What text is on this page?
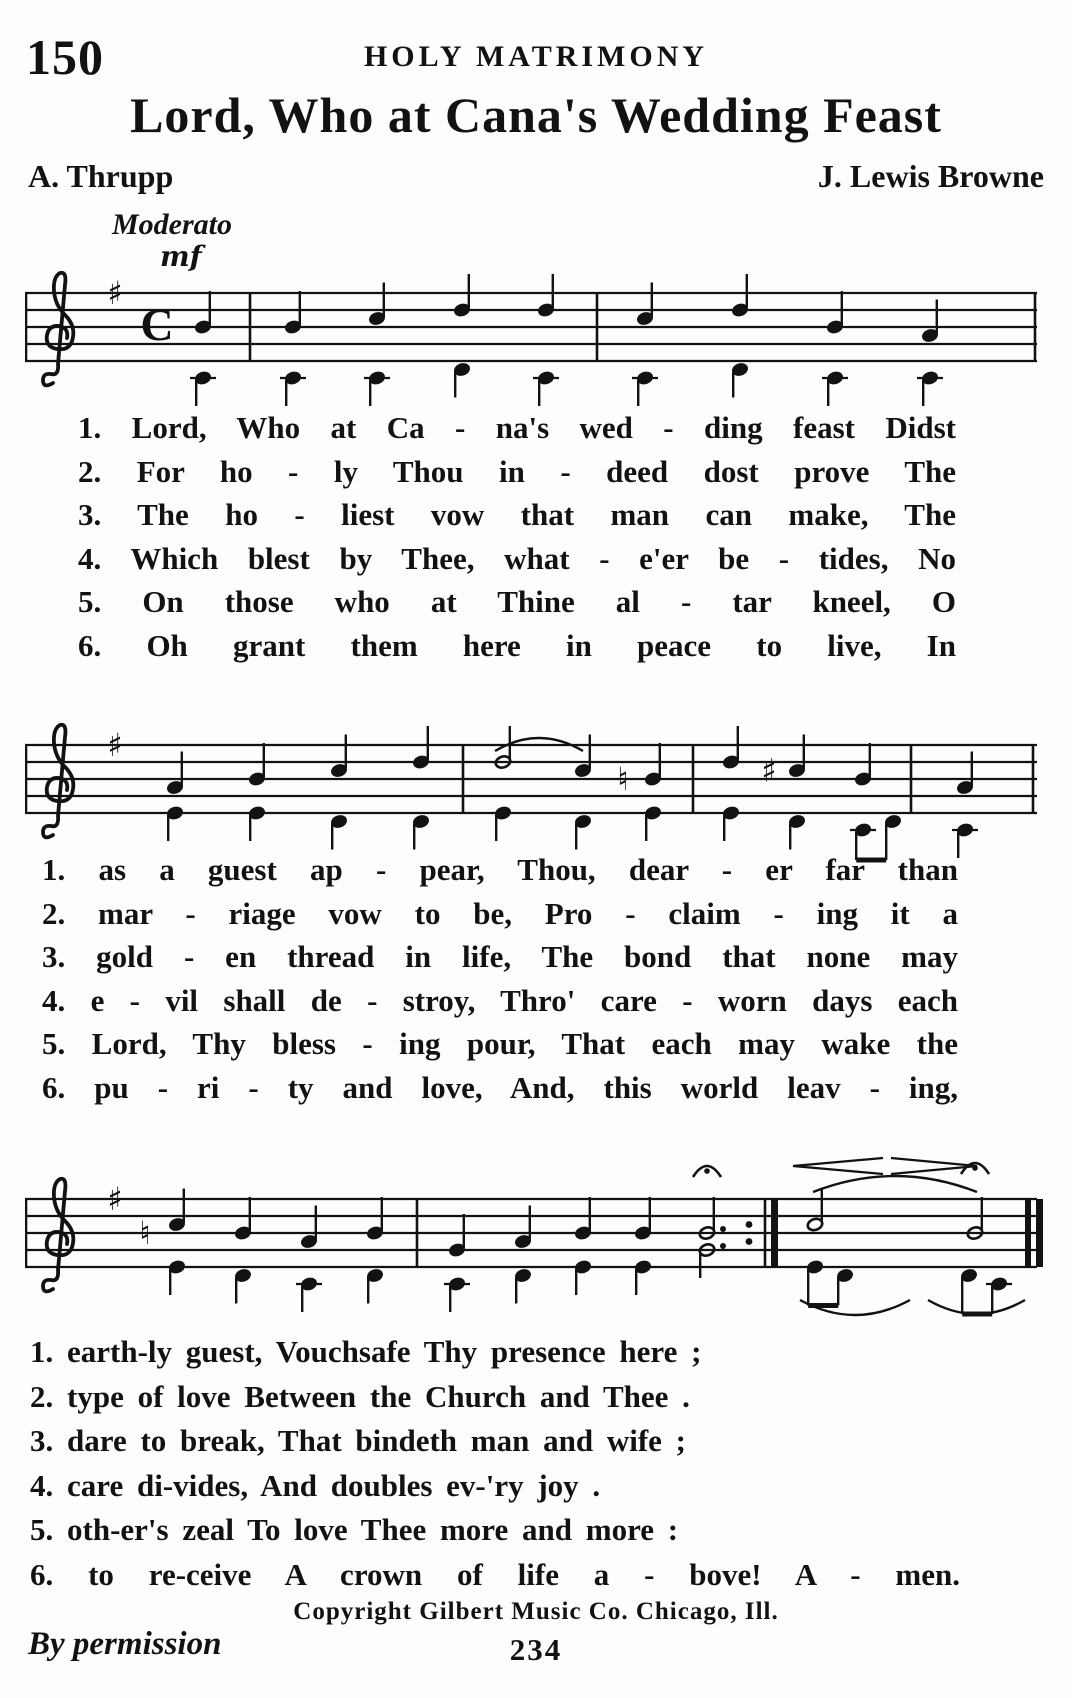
150	HOLY MATRIMONY
Lord, Who at Cana's Wedding Feast
A. Thrupp	J. Lewis Browne
Moderato
mf
♯
C
1. Lord, Who at Ca - na's wed - ding feast Didst
2. For ho - ly Thou in - deed dost prove The
3. The ho - liest vow that man can make, The
4. Which blest by Thee, what - e'er be - tides, No
5. On those who at Thine al - tar kneel, O
6. Oh grant them here in peace to live, In
♯
♮	♯
1. as a guest ap - pear, Thou, dear - er far than
2. mar - riage vow to be, Pro - claim - ing it a
3. gold - en thread in life, The bond that none may
4. e - vil shall de - stroy, Thro' care - worn days each
5. Lord, Thy bless - ing pour, That each may wake the
6. pu - ri - ty and love, And, this world leav - ing,
♯
♮
1. earth-ly guest, Vouchsafe Thy presence here ;
2. type of love Between the Church and Thee .
3. dare to break, That bindeth man and wife ;
4. care di-vides, And doubles ev-'ry joy .
5. oth-er's zeal To love Thee more and more :
6. to re-ceive A crown of life a - bove! A - men.
Copyright Gilbert Music Co. Chicago, Ill.
By permission	234
